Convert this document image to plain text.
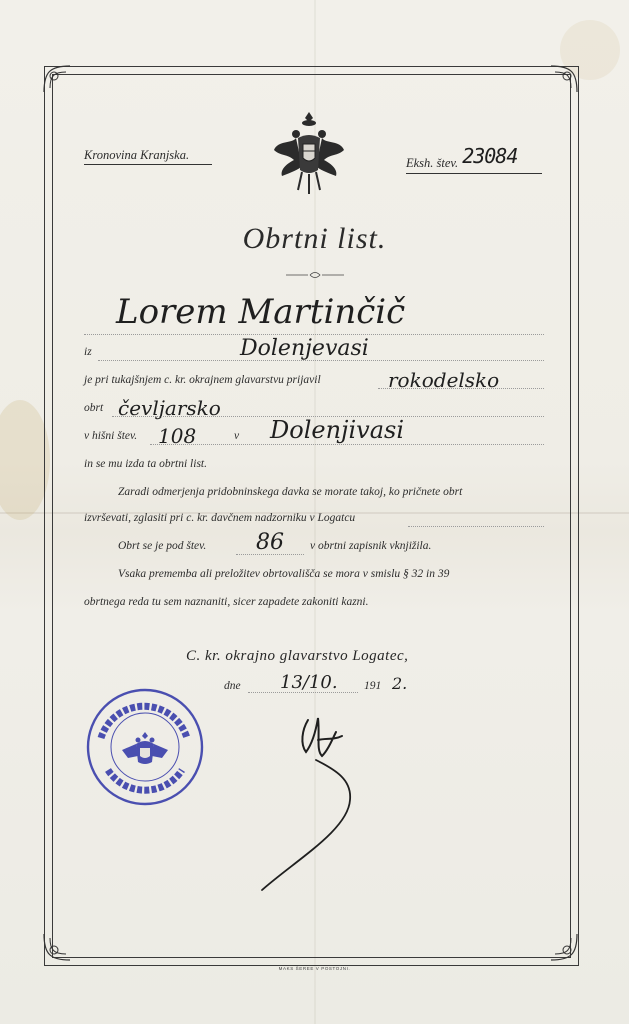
Kronovina Kranjska.
Eksh. štev. 23084
Obrtni list.
Lorem Martinčič
iz	Dolenjevasi
je pri tukajšnjem c. kr. okrajnem glavarstvu prijavil	rokodelsko
obrt čevljarsko
v hišni štev. 108	v Dolenjivasi
in se mu izda ta obrtni list.
Zaradi odmerjenja pridobninskega davka se morate takoj, ko pričnete obrt
izvrševati, zglasiti pri c. kr. davčnem nadzorniku v Logatcu
Obrt se je pod štev. 86 v obrtni zapisnik vknjižila.
Vsaka prememba ali preložitev obrtovališča se mora v smislu § 32 in 39
obrtnega reda tu sem naznaniti, sicer zapadete zakoniti kazni.
C. kr. okrajno glavarstvo Logatec,
dne 13/10. 191 2.
MAKS ŠEREE V POSTOJNI.
